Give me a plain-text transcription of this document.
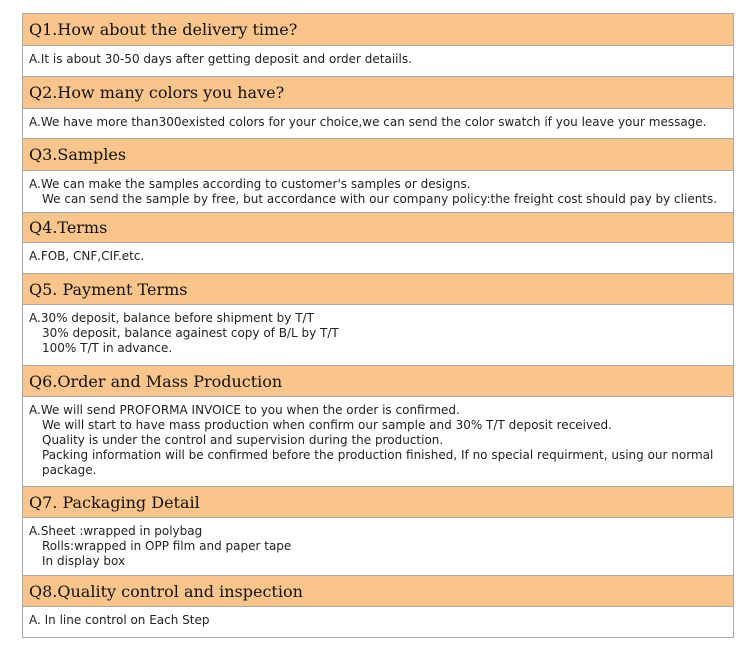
Q1.How about the delivery time?
A.It is about 30-50 days after getting deposit and order detaiils.
Q2.How many colors you have?
A.We have more than300existed colors for your choice,we can send the color swatch if you leave your message.
Q3.Samples
A.We can make the samples according to customer's samples or designs.
We can send the sample by free, but accordance with our company policy:the freight cost should pay by clients.
Q4.Terms
A.FOB, CNF,CIF.etc.
Q5. Payment Terms
A.30% deposit, balance before shipment by T/T
30% deposit, balance againest copy of B/L by T/T
100% T/T in advance.
Q6.Order and Mass Production
A.We will send PROFORMA INVOICE to you when the order is confirmed.
We will start to have mass production when confirm our sample and 30% T/T deposit received.
Quality is under the control and supervision during the production.
Packing information will be confirmed before the production finished, If no special requirment, using our normal package.
Q7. Packaging Detail
A.Sheet :wrapped in polybag
Rolls:wrapped in OPP film and paper tape
In display box
Q8.Quality control and inspection
A. In line control on Each Step
